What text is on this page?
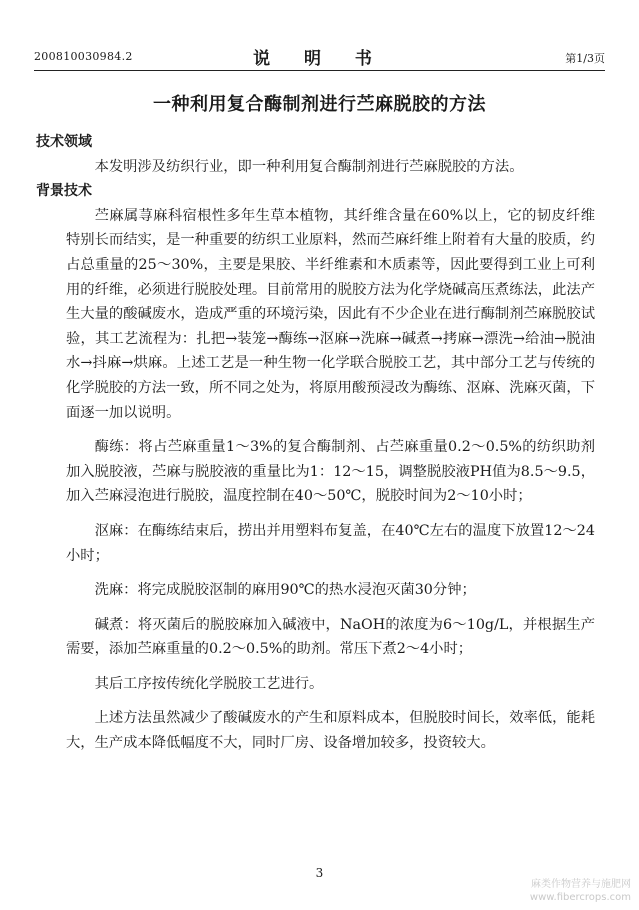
200810030984.2	说 明 书	第1/3页
一种利用复合酶制剂进行苎麻脱胶的方法
技术领域

本发明涉及纺织行业，即一种利用复合酶制剂进行苎麻脱胶的方法。

背景技术

苎麻属荨麻科宿根性多年生草本植物，其纤维含量在60%以上，它的韧皮纤维特别长而结实，是一种重要的纺织工业原料，然而苎麻纤维上附着有大量的胶质，约占总重量的25～30%，主要是果胶、半纤维素和木质素等，因此要得到工业上可利用的纤维，必须进行脱胶处理。目前常用的脱胶方法为化学烧碱高压煮练法，此法产生大量的酸碱废水，造成严重的环境污染，因此有不少企业在进行酶制剂苎麻脱胶试验，其工艺流程为：扎把→装笼→酶练→沤麻→洗麻→碱煮→拷麻→漂洗→给油→脱油水→抖麻→烘麻。上述工艺是一种生物一化学联合脱胶工艺，其中部分工艺与传统的化学脱胶的方法一致，所不同之处为，将原用酸预浸改为酶练、沤麻、洗麻灭菌，下面逐一加以说明。

酶练：将占苎麻重量1～3%的复合酶制剂、占苎麻重量0.2～0.5%的纺织助剂加入脱胶液，苎麻与脱胶液的重量比为1：12～15，调整脱胶液PH值为8.5～9.5，加入苎麻浸泡进行脱胶，温度控制在40～50℃，脱胶时间为2～10小时；

沤麻：在酶练结束后，捞出并用塑料布复盖，在40℃左右的温度下放置12～24小时；

洗麻：将完成脱胶沤制的麻用90℃的热水浸泡灭菌30分钟；

碱煮：将灭菌后的脱胶麻加入碱液中，NaOH的浓度为6～10g/L，并根据生产需要，添加苎麻重量的0.2～0.5%的助剂。常压下煮2～4小时；

其后工序按传统化学脱胶工艺进行。

上述方法虽然减少了酸碱废水的产生和原料成本，但脱胶时间长，效率低，能耗大，生产成本降低幅度不大，同时厂房、设备增加较多，投资较大。

3
麻类作物营养与施肥网
www.fibercrops.com
